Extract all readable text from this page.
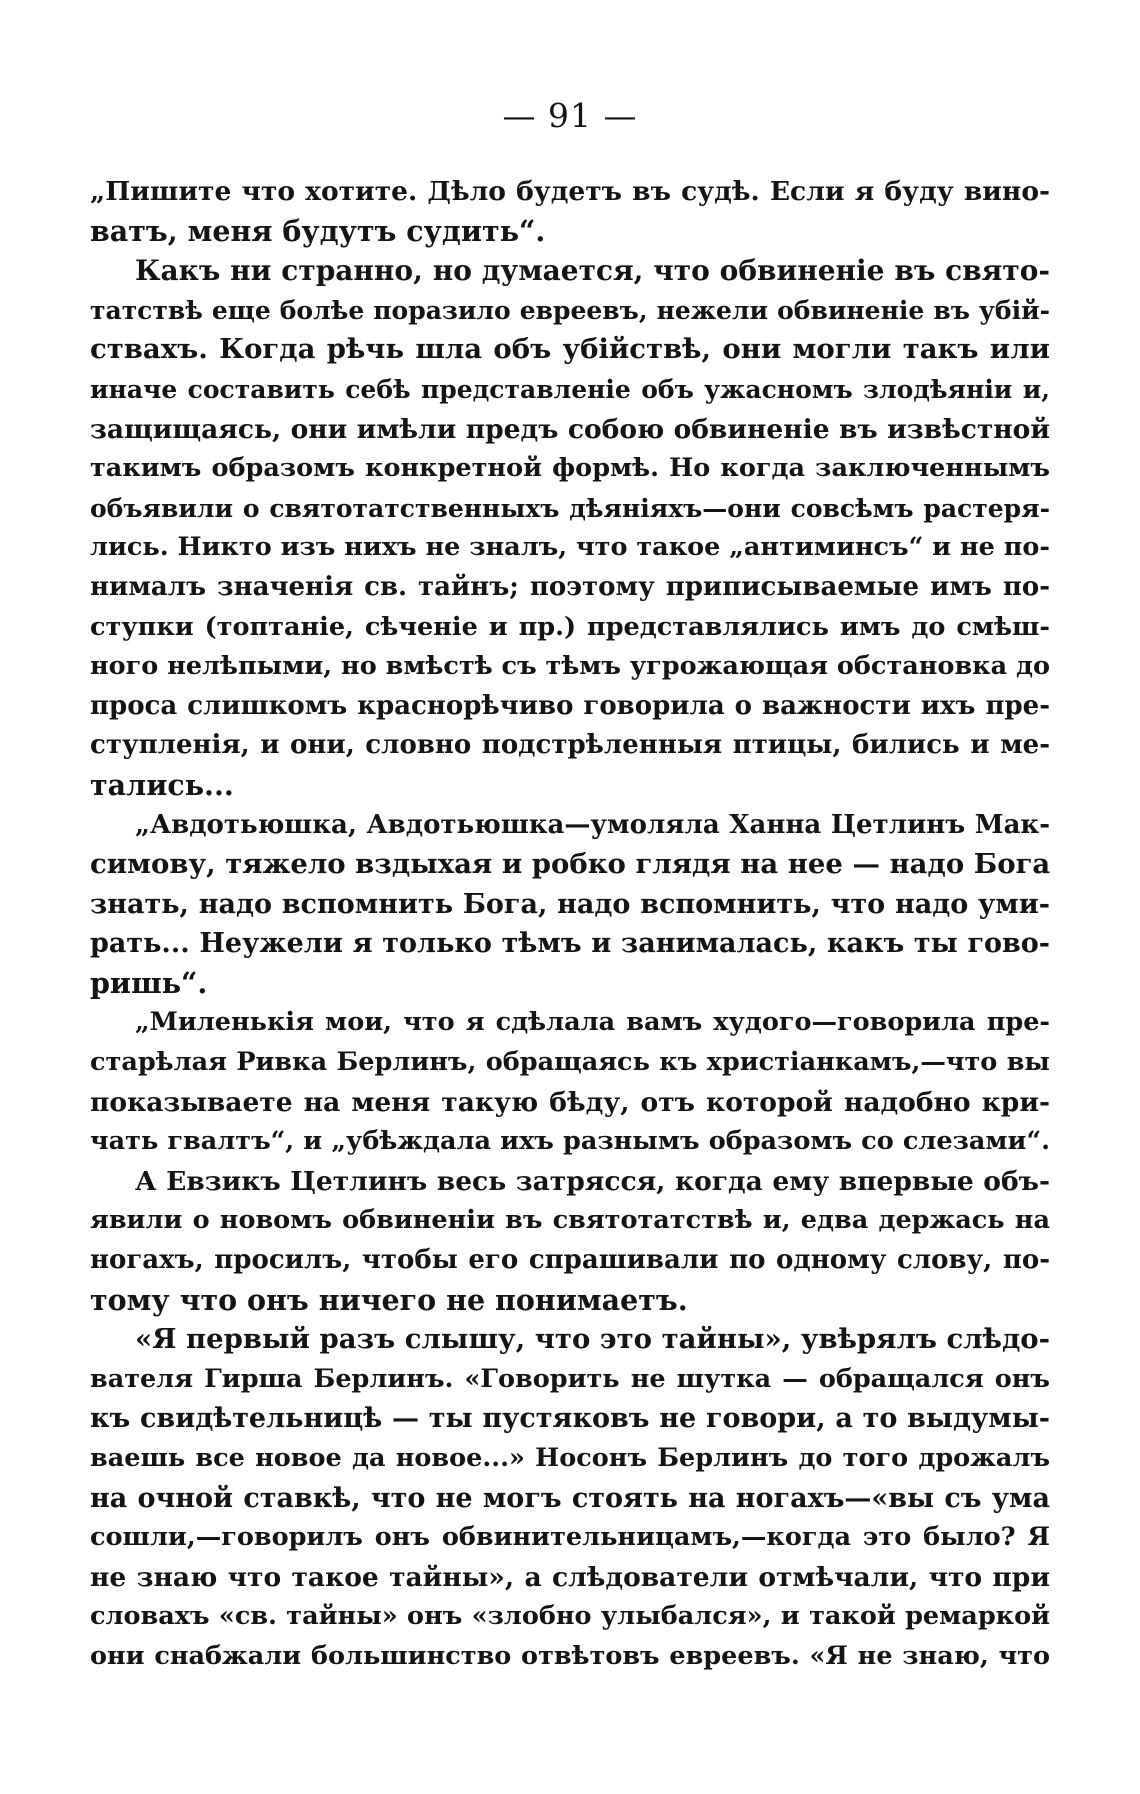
— 91 —
„Пишите что хотите. Дѣло будетъ въ судѣ. Если я буду вино-
ватъ, меня будутъ судить“.
Какъ ни странно, но думается, что обвиненіе въ свято-
татствѣ еще болѣе поразило евреевъ, нежели обвиненіе въ убій-
ствахъ. Когда рѣчь шла объ убійствѣ, они могли такъ или
иначе составить себѣ представленіе объ ужасномъ злодѣяніи и,
защищаясь, они имѣли предъ собою обвиненіе въ извѣстной
такимъ образомъ конкретной формѣ. Но когда заключеннымъ
объявили о святотатственныхъ дѣяніяхъ—они совсѣмъ растеря-
лись. Никто изъ нихъ не зналъ, что такое „антиминсъ“ и не по-
нималъ значенія св. тайнъ; поэтому приписываемые имъ по-
ступки (топтаніе, сѣченіе и пр.) представлялись имъ до смѣш-
ного нелѣпыми, но вмѣстѣ съ тѣмъ угрожающая обстановка до
проса слишкомъ краснорѣчиво говорила о важности ихъ пре-
ступленія, и они, словно подстрѣленныя птицы, бились и ме-
тались...
„Авдотьюшка, Авдотьюшка—умоляла Ханна Цетлинъ Мак-
симову, тяжело вздыхая и робко глядя на нее — надо Бога
знать, надо вспомнить Бога, надо вспомнить, что надо уми-
рать... Неужели я только тѣмъ и занималась, какъ ты гово-
ришь“.
„Миленькія мои, что я сдѣлала вамъ худого—говорила пре-
старѣлая Ривка Берлинъ, обращаясь къ христіанкамъ,—что вы
показываете на меня такую бѣду, отъ которой надобно кри-
чать гвалтъ“, и „убѣждала ихъ разнымъ образомъ со слезами“.
А Евзикъ Цетлинъ весь затрясся, когда ему впервые объ-
явили о новомъ обвиненіи въ святотатствѣ и, едва держась на
ногахъ, просилъ, чтобы его спрашивали по одному слову, по-
тому что онъ ничего не понимаетъ.
«Я первый разъ слышу, что это тайны», увѣрялъ слѣдо-
вателя Гирша Берлинъ. «Говорить не шутка — обращался онъ
къ свидѣтельницѣ — ты пустяковъ не говори, а то выдумы-
ваешь все новое да новое...» Носонъ Берлинъ до того дрожалъ
на очной ставкѣ, что не могъ стоять на ногахъ—«вы съ ума
сошли,—говорилъ онъ обвинительницамъ,—когда это было? Я
не знаю что такое тайны», а слѣдователи отмѣчали, что при
словахъ «св. тайны» онъ «злобно улыбался», и такой ремаркой
они снабжали большинство отвѣтовъ евреевъ. «Я не знаю, что
